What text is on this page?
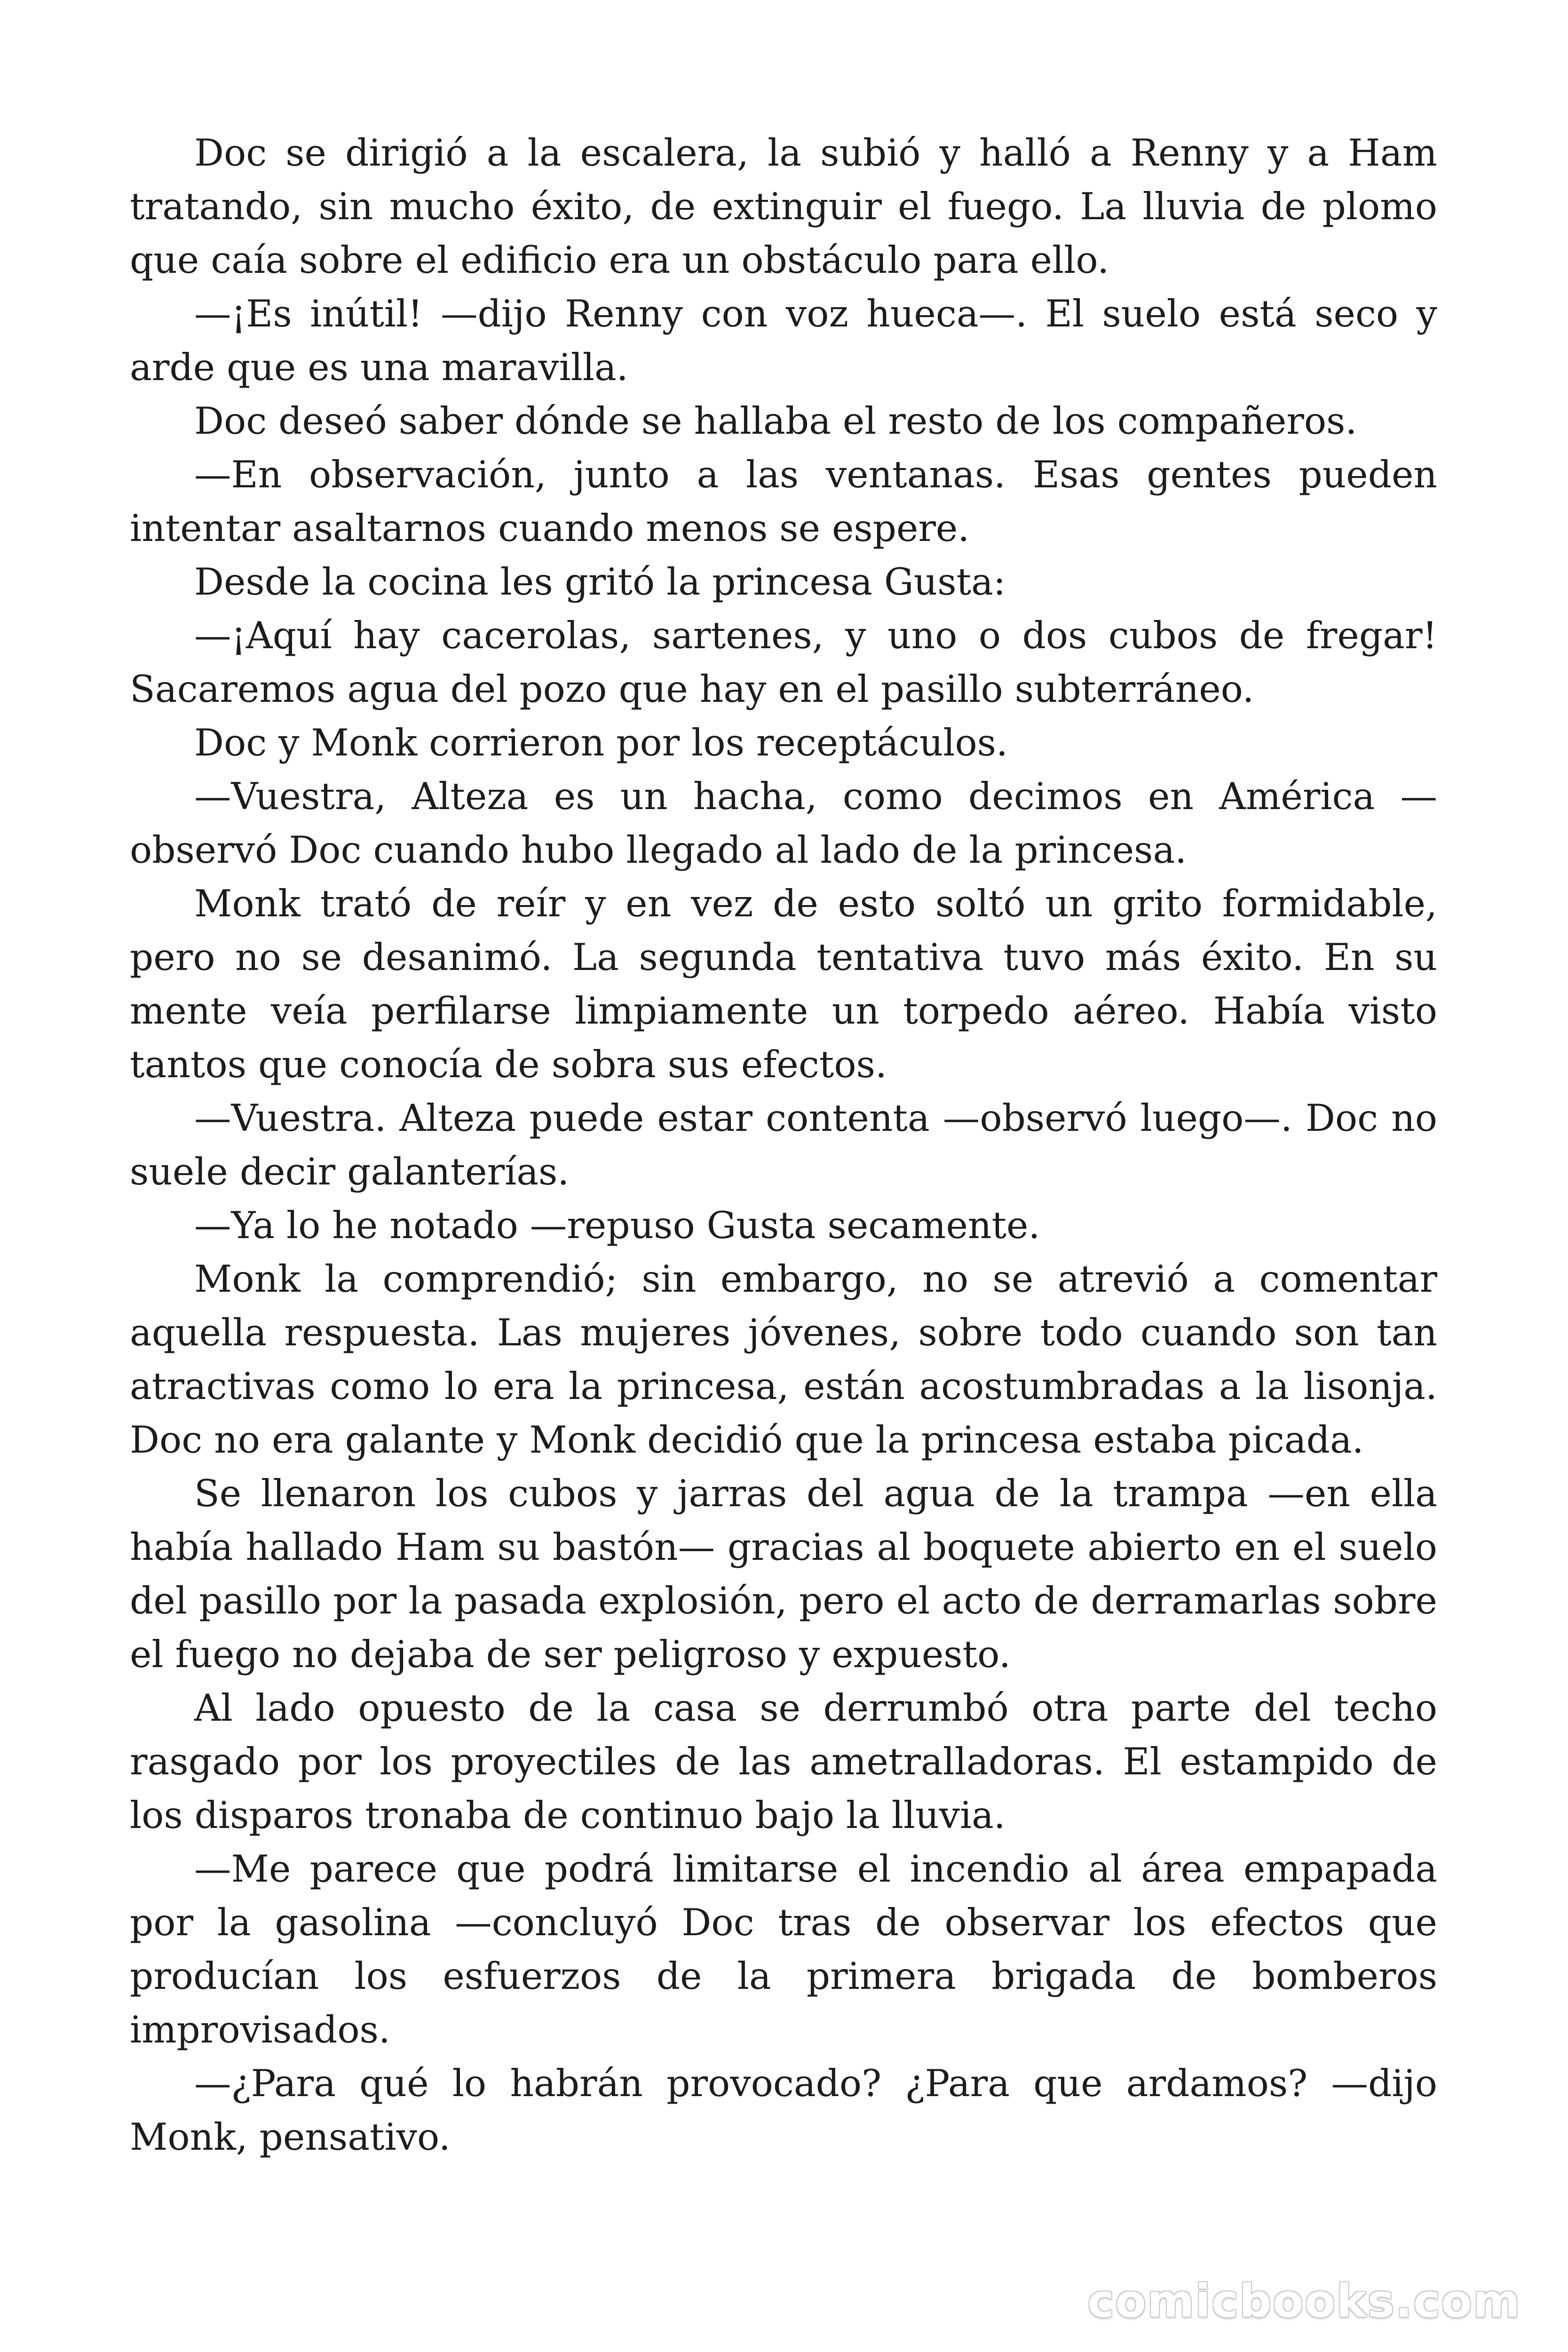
Doc se dirigió a la escalera, la subió y halló a Renny y a Ham tratando, sin mucho éxito, de extinguir el fuego. La lluvia de plomo que caía sobre el edificio era un obstáculo para ello.

—¡Es inútil! —dijo Renny con voz hueca—. El suelo está seco y arde que es una maravilla.

Doc deseó saber dónde se hallaba el resto de los compañeros.

—En observación, junto a las ventanas. Esas gentes pueden intentar asaltarnos cuando menos se espere.

Desde la cocina les gritó la princesa Gusta:

—¡Aquí hay cacerolas, sartenes, y uno o dos cubos de fregar! Sacaremos agua del pozo que hay en el pasillo subterráneo.

Doc y Monk corrieron por los receptáculos.

—Vuestra, Alteza es un hacha, como decimos en América — observó Doc cuando hubo llegado al lado de la princesa.

Monk trató de reír y en vez de esto soltó un grito formidable, pero no se desanimó. La segunda tentativa tuvo más éxito. En su mente veía perfilarse limpiamente un torpedo aéreo. Había visto tantos que conocía de sobra sus efectos.

—Vuestra. Alteza puede estar contenta —observó luego—. Doc no suele decir galanterías.

—Ya lo he notado —repuso Gusta secamente.

Monk la comprendió; sin embargo, no se atrevió a comentar aquella respuesta. Las mujeres jóvenes, sobre todo cuando son tan atractivas como lo era la princesa, están acostumbradas a la lisonja. Doc no era galante y Monk decidió que la princesa estaba picada.

Se llenaron los cubos y jarras del agua de la trampa —en ella había hallado Ham su bastón— gracias al boquete abierto en el suelo del pasillo por la pasada explosión, pero el acto de derramarlas sobre el fuego no dejaba de ser peligroso y expuesto.

Al lado opuesto de la casa se derrumbó otra parte del techo rasgado por los proyectiles de las ametralladoras. El estampido de los disparos tronaba de continuo bajo la lluvia.

—Me parece que podrá limitarse el incendio al área empapada por la gasolina —concluyó Doc tras de observar los efectos que producían los esfuerzos de la primera brigada de bomberos improvisados.

—¿Para qué lo habrán provocado? ¿Para que ardamos? —dijo Monk, pensativo.

comicbooks.com
